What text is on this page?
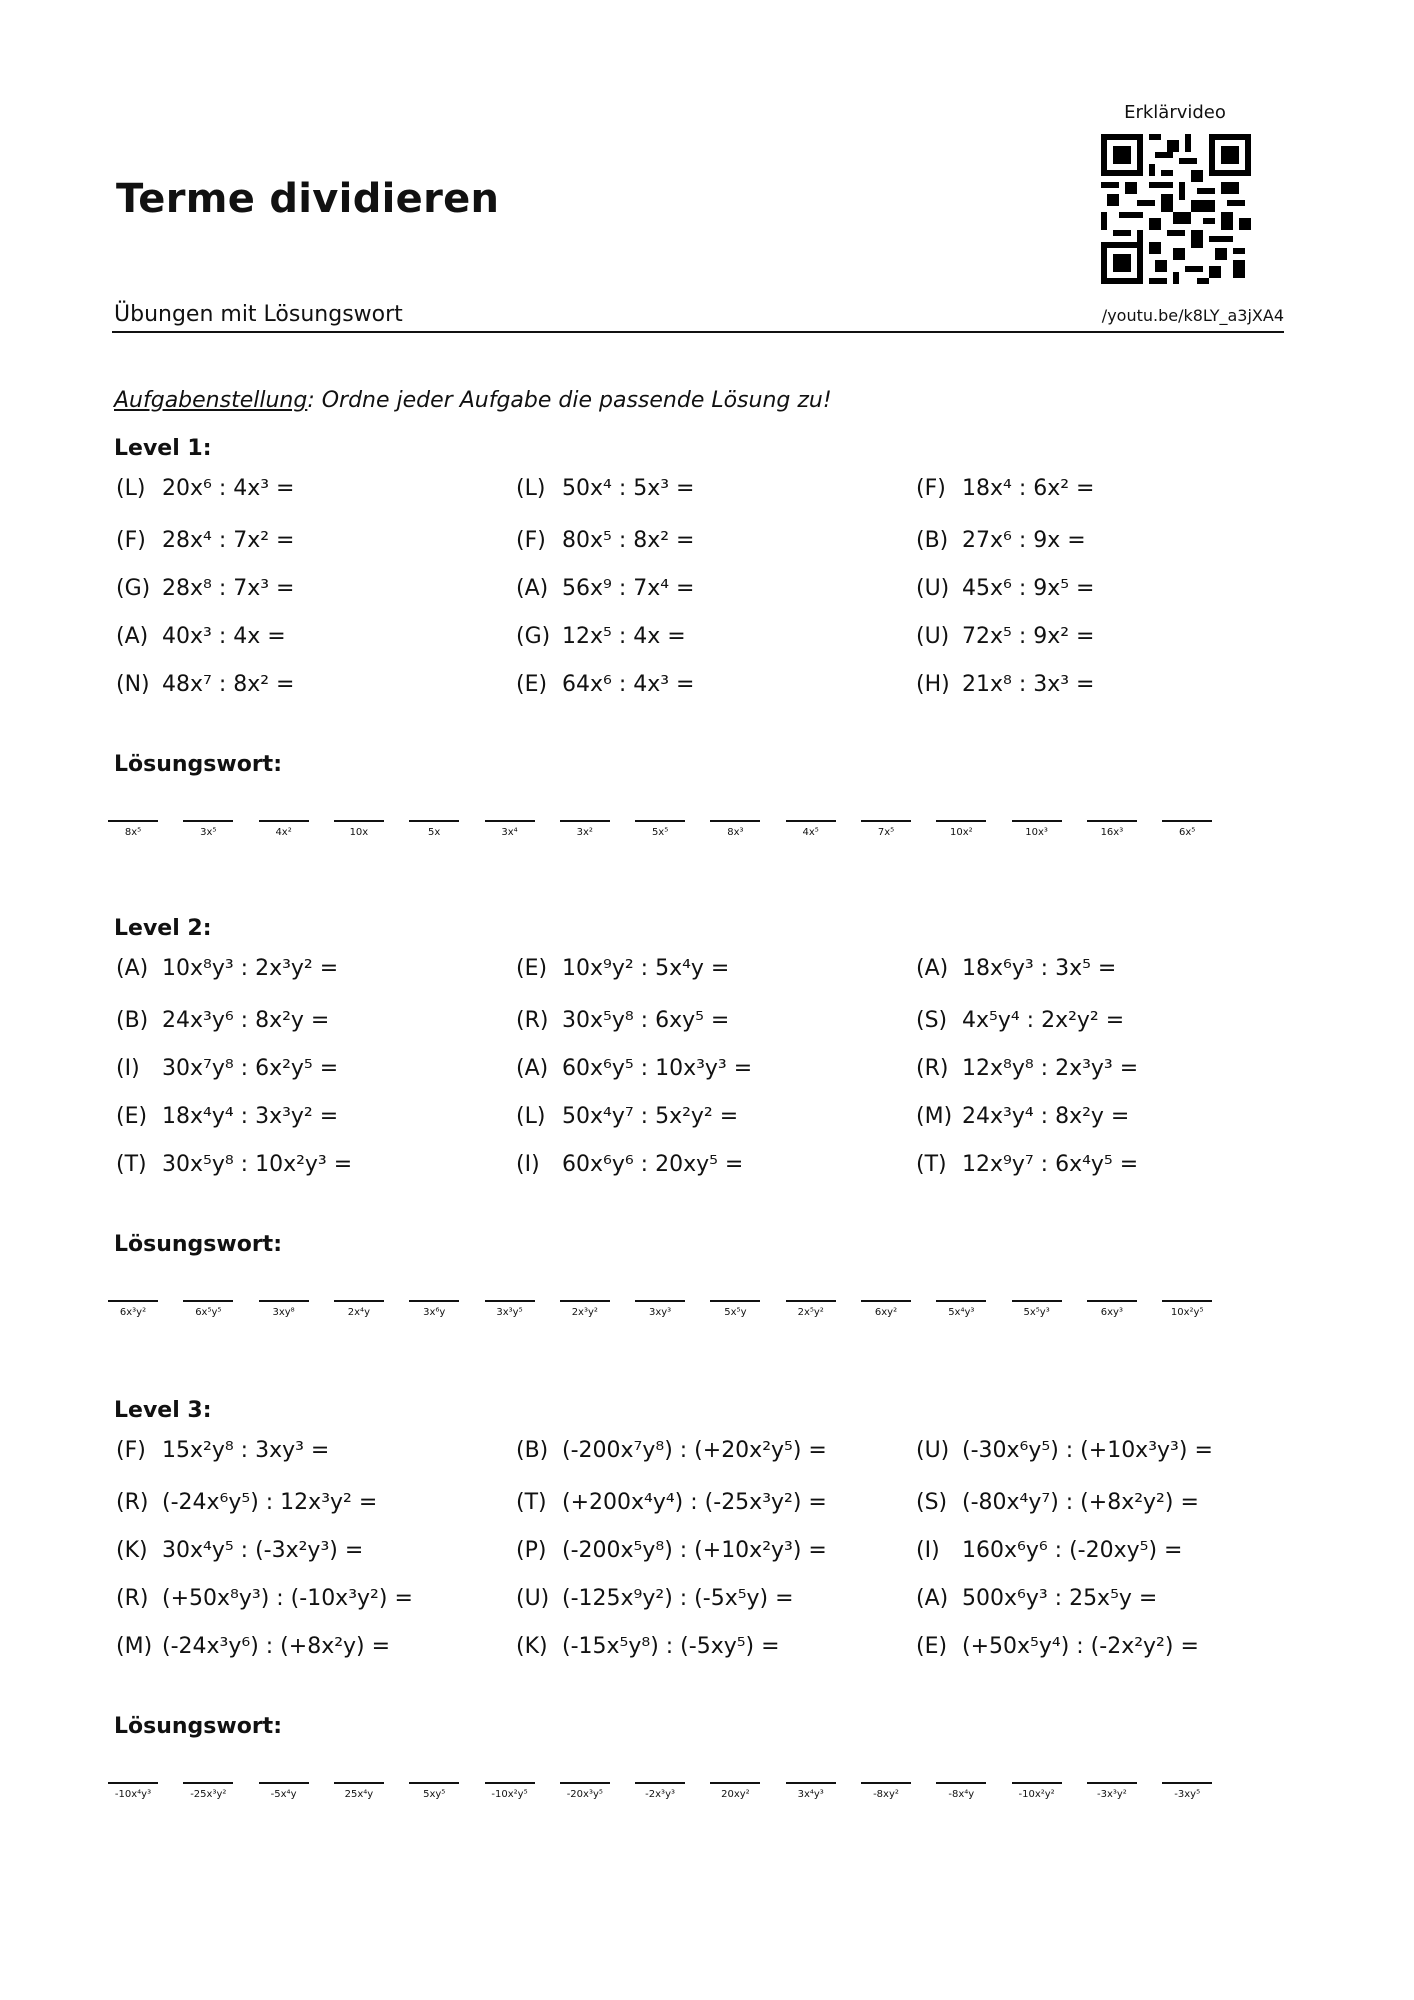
Terme dividieren
Erklärvideo
Übungen mit Lösungswort	/youtu.be/k8LY_a3jXA4
Aufgabenstellung: Ordne jeder Aufgabe die passende Lösung zu!
Level 1:
(L) 20x⁶ : 4x³ =	(L) 50x⁴ : 5x³ =	(F) 18x⁴ : 6x² =
(F) 28x⁴ : 7x² =	(F) 80x⁵ : 8x² =	(B) 27x⁶ : 9x =
(G) 28x⁸ : 7x³ =	(A) 56x⁹ : 7x⁴ =	(U) 45x⁶ : 9x⁵ =
(A) 40x³ : 4x =	(G) 12x⁵ : 4x =	(U) 72x⁵ : 9x² =
(N) 48x⁷ : 8x² =	(E) 64x⁶ : 4x³ =	(H) 21x⁸ : 3x³ =
Lösungswort:
8x⁵	3x⁵	4x²	10x	5x	3x⁴	3x²	5x⁵	8x³	4x⁵	7x⁵	10x²	10x³	16x³	6x⁵
Level 2:
(A) 10x⁸y³ : 2x³y² =	(E) 10x⁹y² : 5x⁴y =	(A) 18x⁶y³ : 3x⁵ =
(B) 24x³y⁶ : 8x²y =	(R) 30x⁵y⁸ : 6xy⁵ =	(S) 4x⁵y⁴ : 2x²y² =
(I) 30x⁷y⁸ : 6x²y⁵ =	(A) 60x⁶y⁵ : 10x³y³ =	(R) 12x⁸y⁸ : 2x³y³ =
(E) 18x⁴y⁴ : 3x³y² =	(L) 50x⁴y⁷ : 5x²y² =	(M) 24x³y⁴ : 8x²y =
(T) 30x⁵y⁸ : 10x²y³ =	(I) 60x⁶y⁶ : 20xy⁵ =	(T) 12x⁹y⁷ : 6x⁴y⁵ =
Lösungswort:
6x³y²	6x⁵y⁵	3xy⁸	2x⁴y	3x⁶y	3x³y⁵	2x³y²	3xy³	5x⁵y	2x⁵y²	6xy²	5x⁴y³	5x⁵y³	6xy³	10x²y⁵
Level 3:
(F) 15x²y⁸ : 3xy³ =	(B) (-200x⁷y⁸) : (+20x²y⁵) =	(U) (-30x⁶y⁵) : (+10x³y³) =
(R) (-24x⁶y⁵) : 12x³y² =	(T) (+200x⁴y⁴) : (-25x³y²) =	(S) (-80x⁴y⁷) : (+8x²y²) =
(K) 30x⁴y⁵ : (-3x²y³) =	(P) (-200x⁵y⁸) : (+10x²y³) =	(I) 160x⁶y⁶ : (-20xy⁵) =
(R) (+50x⁸y³) : (-10x³y²) =	(U) (-125x⁹y²) : (-5x⁵y) =	(A) 500x⁶y³ : 25x⁵y =
(M) (-24x³y⁶) : (+8x²y) =	(K) (-15x⁵y⁸) : (-5xy⁵) =	(E) (+50x⁵y⁴) : (-2x²y²) =
Lösungswort:
-10x⁴y³	-25x³y²	-5x⁴y	25x⁴y	5xy⁵	-10x²y⁵	-20x³y⁵	-2x³y³	20xy²	3x⁴y³	-8xy²	-8x⁴y	-10x²y²	-3x³y²	-3xy⁵
